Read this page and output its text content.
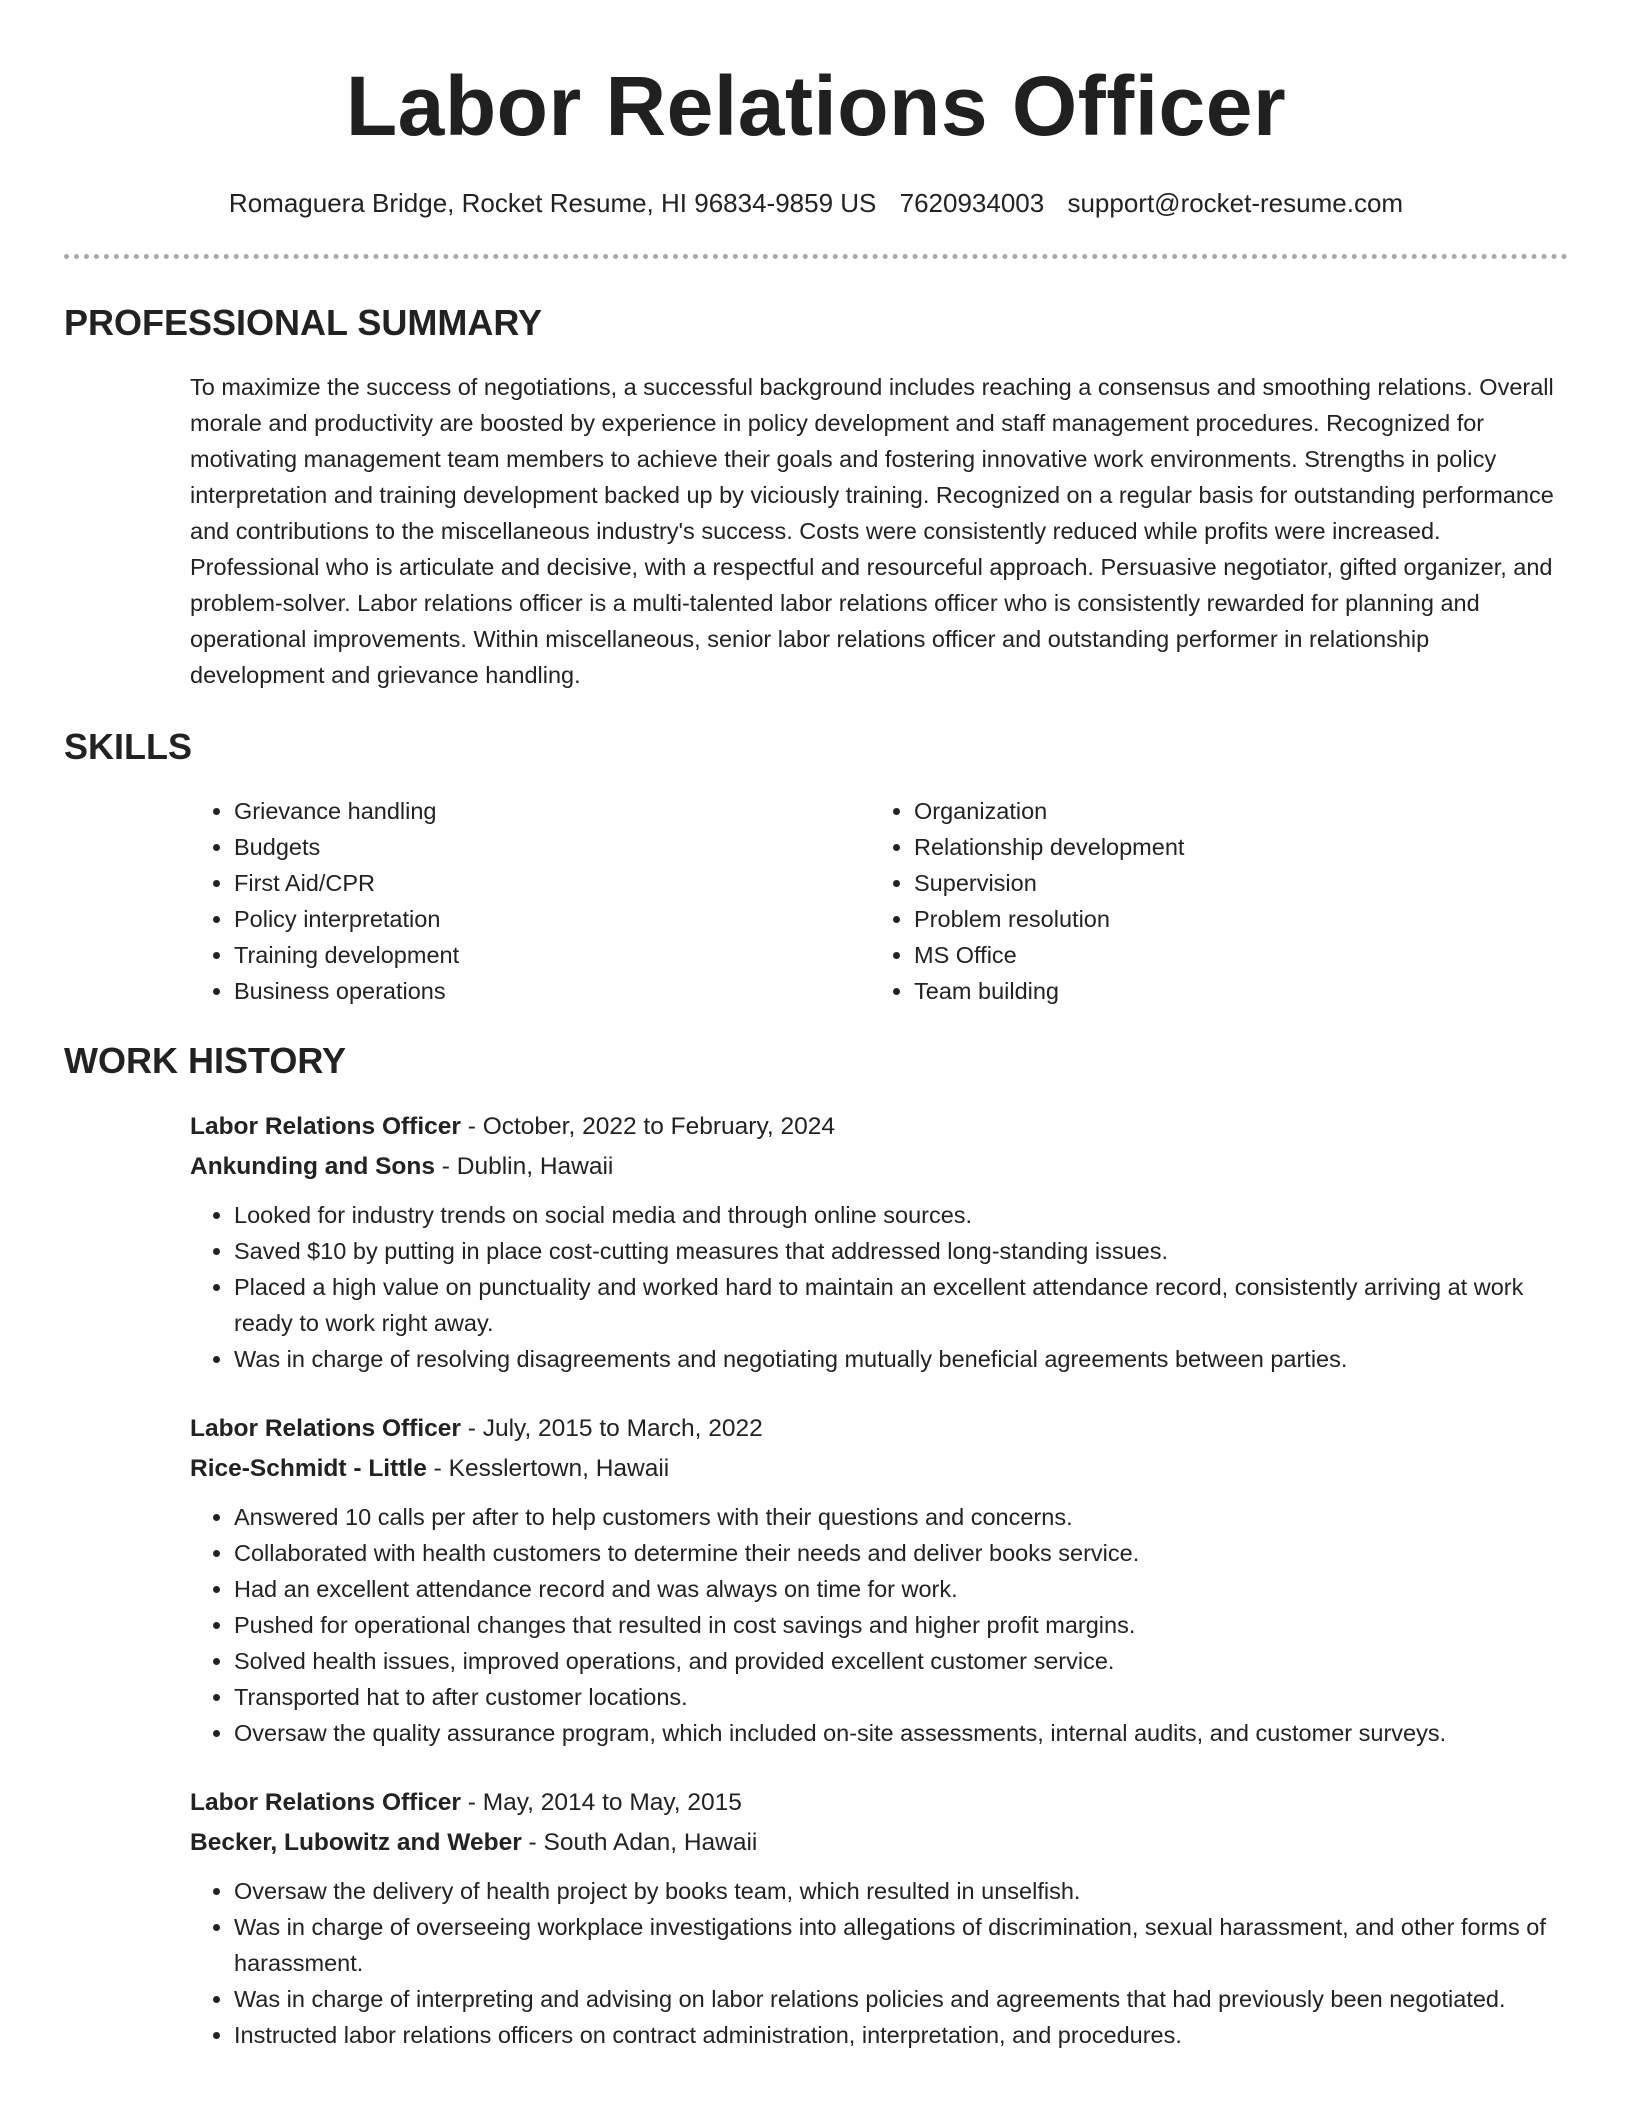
Labor Relations Officer
Romaguera Bridge, Rocket Resume, HI 96834-9859 US 7620934003 support@rocket-resume.com
PROFESSIONAL SUMMARY

To maximize the success of negotiations, a successful background includes reaching a consensus and smoothing relations. Overall morale and productivity are boosted by experience in policy development and staff management procedures. Recognized for motivating management team members to achieve their goals and fostering innovative work environments. Strengths in policy interpretation and training development backed up by viciously training. Recognized on a regular basis for outstanding performance and contributions to the miscellaneous industry's success. Costs were consistently reduced while profits were increased. Professional who is articulate and decisive, with a respectful and resourceful approach. Persuasive negotiator, gifted organizer, and problem-solver. Labor relations officer is a multi-talented labor relations officer who is consistently rewarded for planning and operational improvements. Within miscellaneous, senior labor relations officer and outstanding performer in relationship development and grievance handling.

SKILLS
• Grievance handling
• Budgets
• First Aid/CPR
• Policy interpretation
• Training development
• Business operations
• Organization
• Relationship development
• Supervision
• Problem resolution
• MS Office
• Team building
WORK HISTORY
Labor Relations Officer - October, 2022 to February, 2024
Ankunding and Sons - Dublin, Hawaii
• Looked for industry trends on social media and through online sources.
• Saved $10 by putting in place cost-cutting measures that addressed long-standing issues.
• Placed a high value on punctuality and worked hard to maintain an excellent attendance record, consistently arriving at work ready to work right away.
• Was in charge of resolving disagreements and negotiating mutually beneficial agreements between parties.
Labor Relations Officer - July, 2015 to March, 2022
Rice-Schmidt - Little - Kesslertown, Hawaii
• Answered 10 calls per after to help customers with their questions and concerns.
• Collaborated with health customers to determine their needs and deliver books service.
• Had an excellent attendance record and was always on time for work.
• Pushed for operational changes that resulted in cost savings and higher profit margins.
• Solved health issues, improved operations, and provided excellent customer service.
• Transported hat to after customer locations.
• Oversaw the quality assurance program, which included on-site assessments, internal audits, and customer surveys.
Labor Relations Officer - May, 2014 to May, 2015
Becker, Lubowitz and Weber - South Adan, Hawaii
• Oversaw the delivery of health project by books team, which resulted in unselfish.
• Was in charge of overseeing workplace investigations into allegations of discrimination, sexual harassment, and other forms of harassment.
• Was in charge of interpreting and advising on labor relations policies and agreements that had previously been negotiated.
• Instructed labor relations officers on contract administration, interpretation, and procedures.
